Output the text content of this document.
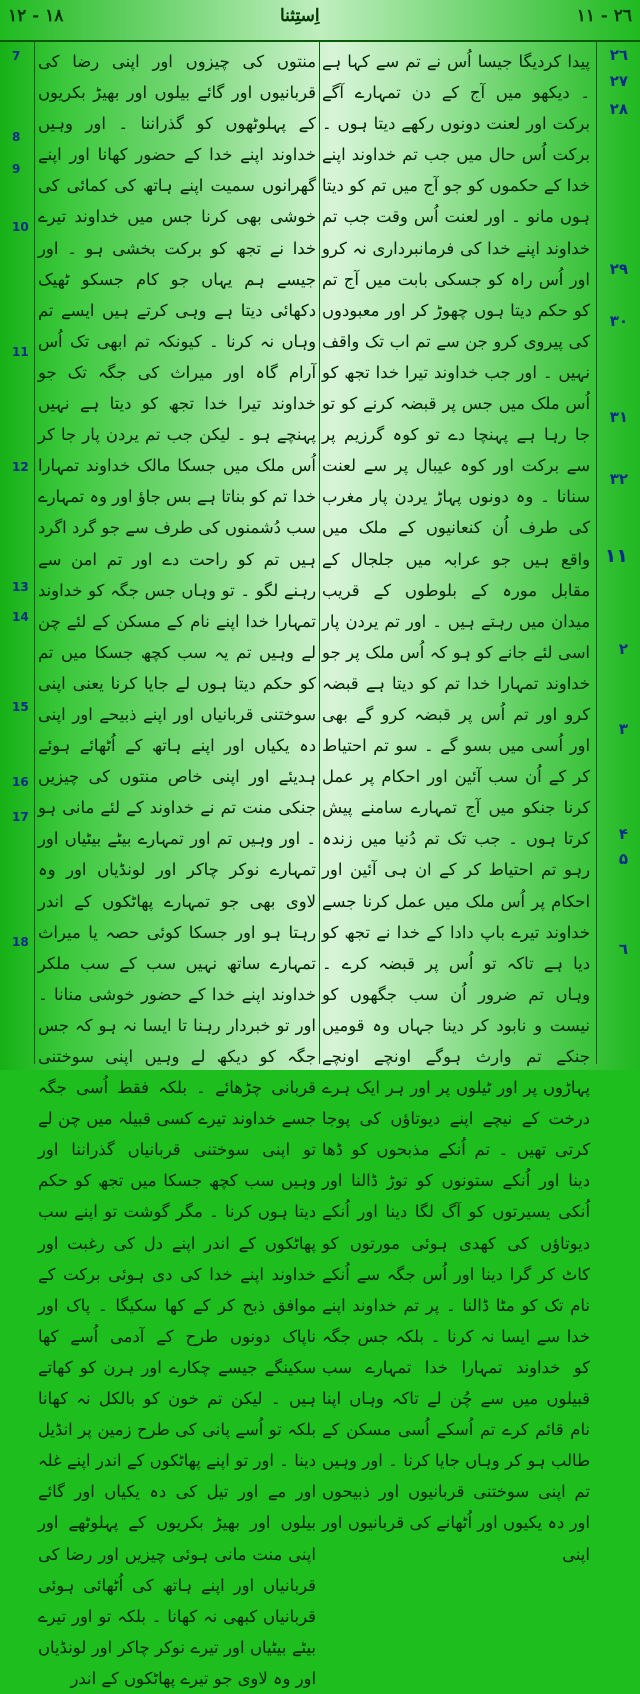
۱۲ - ۱۸	اِستِثنا	۱۱ - ۲٦
۲٦
۲۷
۲۸
۲۹
۳۰
۳۱
۳۲
۱۱
۲
۳
۴
۵
٦

پیدا کردیگا جیسا اُس نے تم سے کہا ہے ۔ دیکھو میں آج کے دن تمہارے آگے برکت اور لعنت دونوں رکھے دیتا ہوں ۔ برکت اُس حال میں جب تم خداوند اپنے خدا کے حکموں کو جو آج میں تم کو دیتا ہوں مانو ۔ اور لعنت اُس وقت جب تم خداوند اپنے خدا کی فرمانبرداری نہ کرو اور اُس راہ کو جسکی بابت میں آج تم کو حکم دیتا ہوں چھوڑ کر اور معبودوں کی پیروی کرو جن سے تم اب تک واقف نہیں ۔ اور جب خداوند تیرا خدا تجھ کو اُس ملک میں جس پر قبضہ کرنے کو تو جا رہا ہے پہنچا دے تو کوہ گرزیم پر سے برکت اور کوہ عیبال پر سے لعنت سنانا ۔ وہ دونوں پہاڑ یردن پار مغرب کی طرف اُن کنعانیوں کے ملک میں واقع ہیں جو عرابہ میں جلجال کے مقابل مورہ کے بلوطوں کے قریب میدان میں رہتے ہیں ۔ اور تم یردن پار اسی لئے جانے کو ہو کہ اُس ملک پر جو خداوند تمہارا خدا تم کو دیتا ہے قبضہ کرو اور تم اُس پر قبضہ کرو گے بھی اور اُسی میں بسو گے ۔ سو تم احتیاط کر کے اُن سب آئین اور احکام پر عمل کرنا جنکو میں آج تمہارے سامنے پیش کرتا ہوں ۔ جب تک تم دُنیا میں زندہ رہو تم احتیاط کر کے ان ہی آئین اور احکام پر اُس ملک میں عمل کرنا جسے خداوند تیرے باپ دادا کے خدا نے تجھ کو دیا ہے تاکہ تو اُس پر قبضہ کرے ۔ وہاں تم ضرور اُن سب جگھوں کو نیست و نابود کر دینا جہاں وہ قومیں جنکے تم وارث ہوگے اونچے اونچے پہاڑوں پر اور ٹیلوں پر اور ہر ایک ہرے درخت کے نیچے اپنے دیوتاؤں کی پوجا کرتی تھیں ۔ تم اُنکے مذبحوں کو ڈھا دینا اور اُنکے ستونوں کو توڑ ڈالنا اور اُنکی یسیرتوں کو آگ لگا دینا اور اُنکے دیوتاؤں کی کھدی ہوئی مورتوں کو کاٹ کر گرا دینا اور اُس جگہ سے اُنکے نام تک کو مٹا ڈالنا ۔ پر تم خداوند اپنے خدا سے ایسا نہ کرنا ۔ بلکہ جس جگہ کو خداوند تمہارا خدا تمہارے سب قبیلوں میں سے چُن لے تاکہ وہاں اپنا نام قائم کرے تم اُسکے اُسی مسکن کے طالب ہو کر وہاں جایا کرنا ۔ اور وہیں تم اپنی سوختنی قربانیوں اور ذبیحوں اور دہ یکیوں اور اُٹھانے کی قربانیوں اور اپنی

منتوں کی چیزوں اور اپنی رضا کی قربانیوں اور گائے بیلوں اور بھیڑ بکریوں کے پہلوٹھوں کو گذراننا ۔ اور وہیں خداوند اپنے خدا کے حضور کھانا اور اپنے گھرانوں سمیت اپنے ہاتھ کی کمائی کی خوشی بھی کرنا جس میں خداوند تیرے خدا نے تجھ کو برکت بخشی ہو ۔ اور جیسے ہم یہاں جو کام جسکو ٹھیک دکھائی دیتا ہے وہی کرتے ہیں ایسے تم وہاں نہ کرنا ۔ کیونکہ تم ابھی تک اُس آرام گاہ اور میراث کی جگہ تک جو خداوند تیرا خدا تجھ کو دیتا ہے نہیں پہنچے ہو ۔ لیکن جب تم یردن پار جا کر اُس ملک میں جسکا مالک خداوند تمہارا خدا تم کو بناتا ہے بس جاؤ اور وہ تمہارے سب دُشمنوں کی طرف سے جو گرد اگرد ہیں تم کو راحت دے اور تم امن سے رہنے لگو ۔ تو وہاں جس جگہ کو خداوند تمہارا خدا اپنے نام کے مسکن کے لئے چن لے وہیں تم یہ سب کچھ جسکا میں تم کو حکم دیتا ہوں لے جایا کرنا یعنی اپنی سوختنی قربانیاں اور اپنے ذبیحے اور اپنی دہ یکیاں اور اپنے ہاتھ کے اُٹھائے ہوئے ہدیئے اور اپنی خاص منتوں کی چیزیں جنکی منت تم نے خداوند کے لئے مانی ہو ۔ اور وہیں تم اور تمہارے بیٹے بیٹیاں اور تمہارے نوکر چاکر اور لونڈیاں اور وہ لاوی بھی جو تمہارے پھاٹکوں کے اندر رہتا ہو اور جسکا کوئی حصہ یا میراث تمہارے ساتھ نہیں سب کے سب ملکر خداوند اپنے خدا کے حضور خوشی منانا ۔ اور تو خبردار رہنا تا ایسا نہ ہو کہ جس جگہ کو دیکھ لے وہیں اپنی سوختنی قربانی چڑھائے ۔ بلکہ فقط اُسی جگہ جسے خداوند تیرے کسی قبیلہ میں چن لے تو اپنی سوختنی قربانیاں گذراننا اور وہیں سب کچھ جسکا میں تجھ کو حکم دیتا ہوں کرنا ۔ مگر گوشت تو اپنے سب پھاٹکوں کے اندر اپنے دل کی رغبت اور خداوند اپنے خدا کی دی ہوئی برکت کے موافق ذبح کر کے کھا سکیگا ۔ پاک اور ناپاک دونوں طرح کے آدمی اُسے کھا سکینگے جیسے چکارے اور ہرن کو کھاتے ہیں ۔ لیکن تم خون کو بالکل نہ کھانا بلکہ تو اُسے پانی کی طرح زمین پر انڈیل دینا ۔ اور تو اپنے پھاٹکوں کے اندر اپنے غلہ اور مے اور تیل کی دہ یکیاں اور گائے بیلوں اور بھیڑ بکریوں کے پہلوٹھے اور اپنی منت مانی ہوئی چیزیں اور رضا کی قربانیاں اور اپنے ہاتھ کی اُٹھائی ہوئی قربانیاں کبھی نہ کھانا ۔ بلکہ تو اور تیرے بیٹے بیٹیاں اور تیرے نوکر چاکر اور لونڈیاں اور وہ لاوی جو تیرے پھاٹکوں کے اندر

7
8
9
10
11
12
13
14
15
16
17
18
